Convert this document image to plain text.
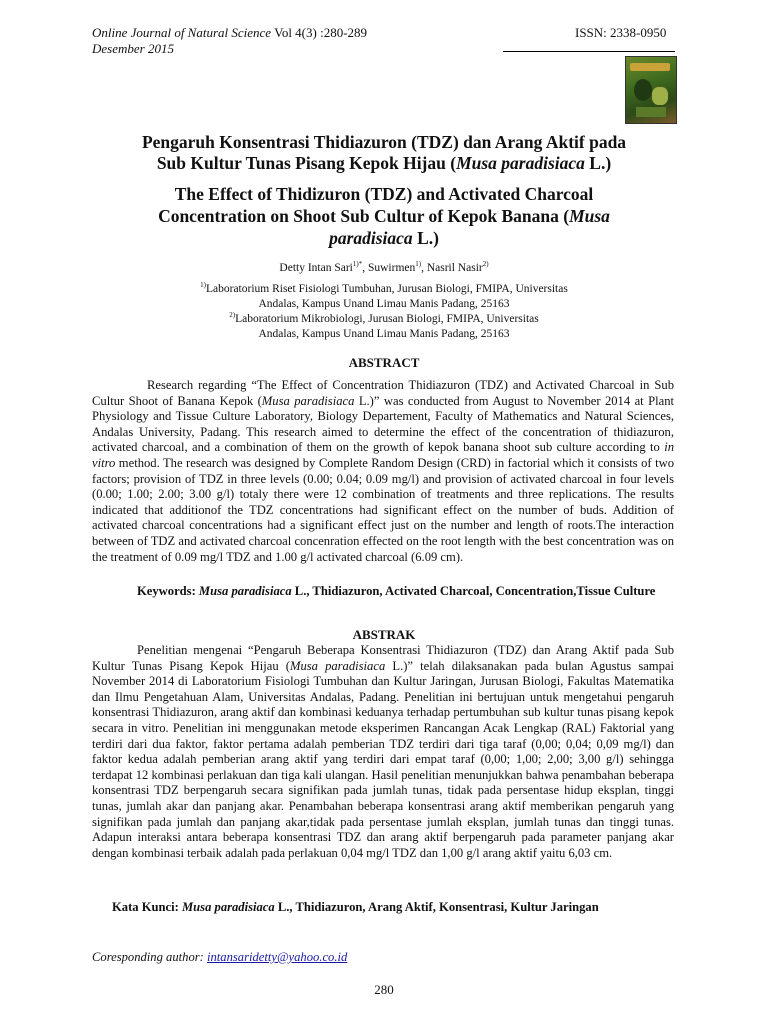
Online Journal of Natural Science Vol 4(3) :280-289
Desember 2015
ISSN: 2338-0950
Pengaruh Konsentrasi Thidiazuron (TDZ) dan Arang Aktif pada
Sub Kultur Tunas Pisang Kepok Hijau (Musa paradisiaca L.)
The Effect of Thidizuron (TDZ) and Activated Charcoal
Concentration on Shoot Sub Cultur of Kepok Banana (Musa
paradisiaca L.)
Detty Intan Sari$^{1)*}$, Suwirmen$^{1)}$, Nasril Nasir$^{2)}$
$^{1)}$Laboratorium Riset Fisiologi Tumbuhan, Jurusan Biologi, FMIPA, Universitas
Andalas, Kampus Unand Limau Manis Padang, 25163
$^{2)}$Laboratorium Mikrobiologi, Jurusan Biologi, FMIPA, Universitas
Andalas, Kampus Unand Limau Manis Padang, 25163
ABSTRACT
Research regarding “The Effect of Concentration Thidiazuron (TDZ) and Activated Charcoal in Sub Cultur Shoot of Banana Kepok (Musa paradisiaca L.)” was conducted from August to November 2014 at Plant Physiology and Tissue Culture Laboratory, Biology Departement, Faculty of Mathematics and Natural Sciences, Andalas University, Padang. This research aimed to determine the effect of the concentration of thidiazuron, activated charcoal, and a combination of them on the growth of kepok banana shoot sub culture according to in vitro method. The research was designed by Complete Random Design (CRD) in factorial which it consists of two factors; provision of TDZ in three levels (0.00; 0.04; 0.09 mg/l) and provision of activated charcoal in four levels (0.00; 1.00; 2.00; 3.00 g/l) totaly there were 12 combination of treatments and three replications. The results indicated that additionof the TDZ concentrations had significant effect on the number of buds. Addition of activated charcoal concentrations had a significant effect just on the number and length of roots.The interaction between of TDZ and activated charcoal concenration effected on the root length with the best concentration was on the treatment of 0.09 mg/l TDZ and 1.00 g/l activated charcoal (6.09 cm).
Keywords: Musa paradisiaca L., Thidiazuron, Activated Charcoal, Concentration,Tissue Culture
ABSTRAK
Penelitian mengenai “Pengaruh Beberapa Konsentrasi Thidiazuron (TDZ) dan Arang Aktif pada Sub Kultur Tunas Pisang Kepok Hijau (Musa paradisiaca L.)” telah dilaksanakan pada bulan Agustus sampai November 2014 di Laboratorium Fisiologi Tumbuhan dan Kultur Jaringan, Jurusan Biologi, Fakultas Matematika dan Ilmu Pengetahuan Alam, Universitas Andalas, Padang. Penelitian ini bertujuan untuk mengetahui pengaruh konsentrasi Thidiazuron, arang aktif dan kombinasi keduanya terhadap pertumbuhan sub kultur tunas pisang kepok secara in vitro. Penelitian ini menggunakan metode eksperimen Rancangan Acak Lengkap (RAL) Faktorial yang terdiri dari dua faktor, faktor pertama adalah pemberian TDZ terdiri dari tiga taraf (0,00; 0,04; 0,09 mg/l) dan faktor kedua adalah pemberian arang aktif yang terdiri dari empat taraf (0,00; 1,00; 2,00; 3,00 g/l) sehingga terdapat 12 kombinasi perlakuan dan tiga kali ulangan. Hasil penelitian menunjukkan bahwa penambahan beberapa konsentrasi TDZ berpengaruh secara signifikan pada jumlah tunas, tidak pada persentase hidup eksplan, tinggi tunas, jumlah akar dan panjang akar. Penambahan beberapa konsentrasi arang aktif memberikan pengaruh yang signifikan pada jumlah dan panjang akar,tidak pada persentase jumlah eksplan, jumlah tunas dan tinggi tunas. Adapun interaksi antara beberapa konsentrasi TDZ dan arang aktif berpengaruh pada parameter panjang akar dengan kombinasi terbaik adalah pada perlakuan 0,04 mg/l TDZ dan 1,00 g/l arang aktif yaitu 6,03 cm.
Kata Kunci: Musa paradisiaca L., Thidiazuron, Arang Aktif, Konsentrasi, Kultur Jaringan
Coresponding author: intansaridetty@yahoo.co.id
280
